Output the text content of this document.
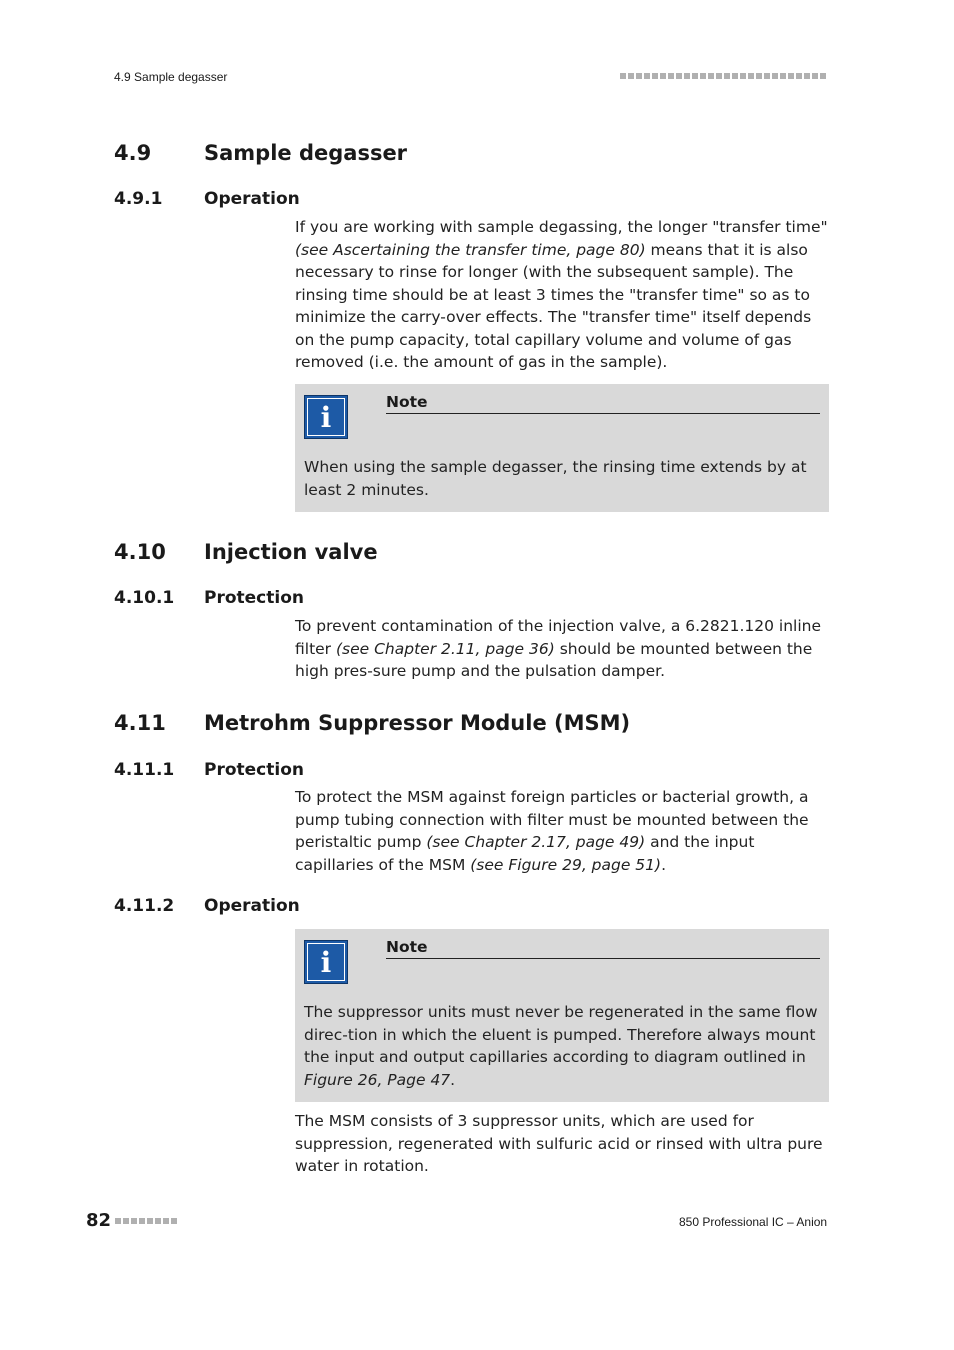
4.9 Sample degasser
4.9	Sample degasser
4.9.1 Operation
If you are working with sample degassing, the longer "transfer time" (see Ascertaining the transfer time, page 80) means that it is also necessary to rinse for longer (with the subsequent sample). The rinsing time should be at least 3 times the "transfer time" so as to minimize the carry-over effects. The "transfer time" itself depends on the pump capacity, total capillary volume and volume of gas removed (i.e. the amount of gas in the sample).
i	Note
When using the sample degasser, the rinsing time extends by at least 2 minutes.
4.10 Injection valve
4.10.1 Protection
To prevent contamination of the injection valve, a 6.2821.120 inline filter (see Chapter 2.11, page 36) should be mounted between the high pres-sure pump and the pulsation damper.
4.11 Metrohm Suppressor Module (MSM)
4.11.1 Protection
To protect the MSM against foreign particles or bacterial growth, a pump tubing connection with filter must be mounted between the peristaltic pump (see Chapter 2.17, page 49) and the input capillaries of the MSM (see Figure 29, page 51).
4.11.2 Operation
i	Note
The suppressor units must never be regenerated in the same flow direc-tion in which the eluent is pumped. Therefore always mount the input and output capillaries according to diagram outlined in Figure 26, Page 47.
The MSM consists of 3 suppressor units, which are used for suppression, regenerated with sulfuric acid or rinsed with ultra pure water in rotation.
82	850 Professional IC – Anion
